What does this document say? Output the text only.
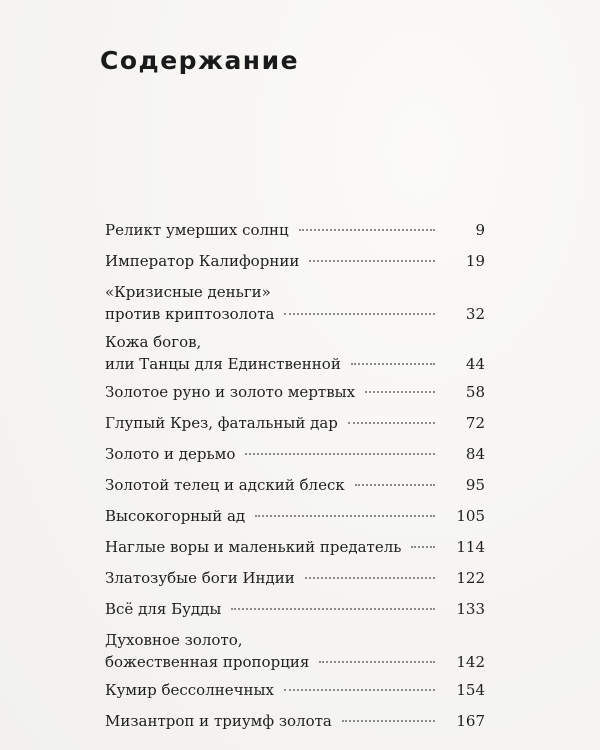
Содержание
Реликт умерших солнц	9
Император Калифорнии	19
«Кризисные деньги»
против криптозолота	32
Кожа богов,
или Танцы для Единственной	44
Золотое руно и золото мертвых	58
Глупый Крез, фатальный дар	72
Золото и дерьмо	84
Золотой телец и адский блеск	95
Высокогорный ад	105
Наглые воры и маленький предатель	114
Златозубые боги Индии	122
Всё для Будды	133
Духовное золото,
божественная пропорция	142
Кумир бессолнечных	154
Мизантроп и триумф золота	167
